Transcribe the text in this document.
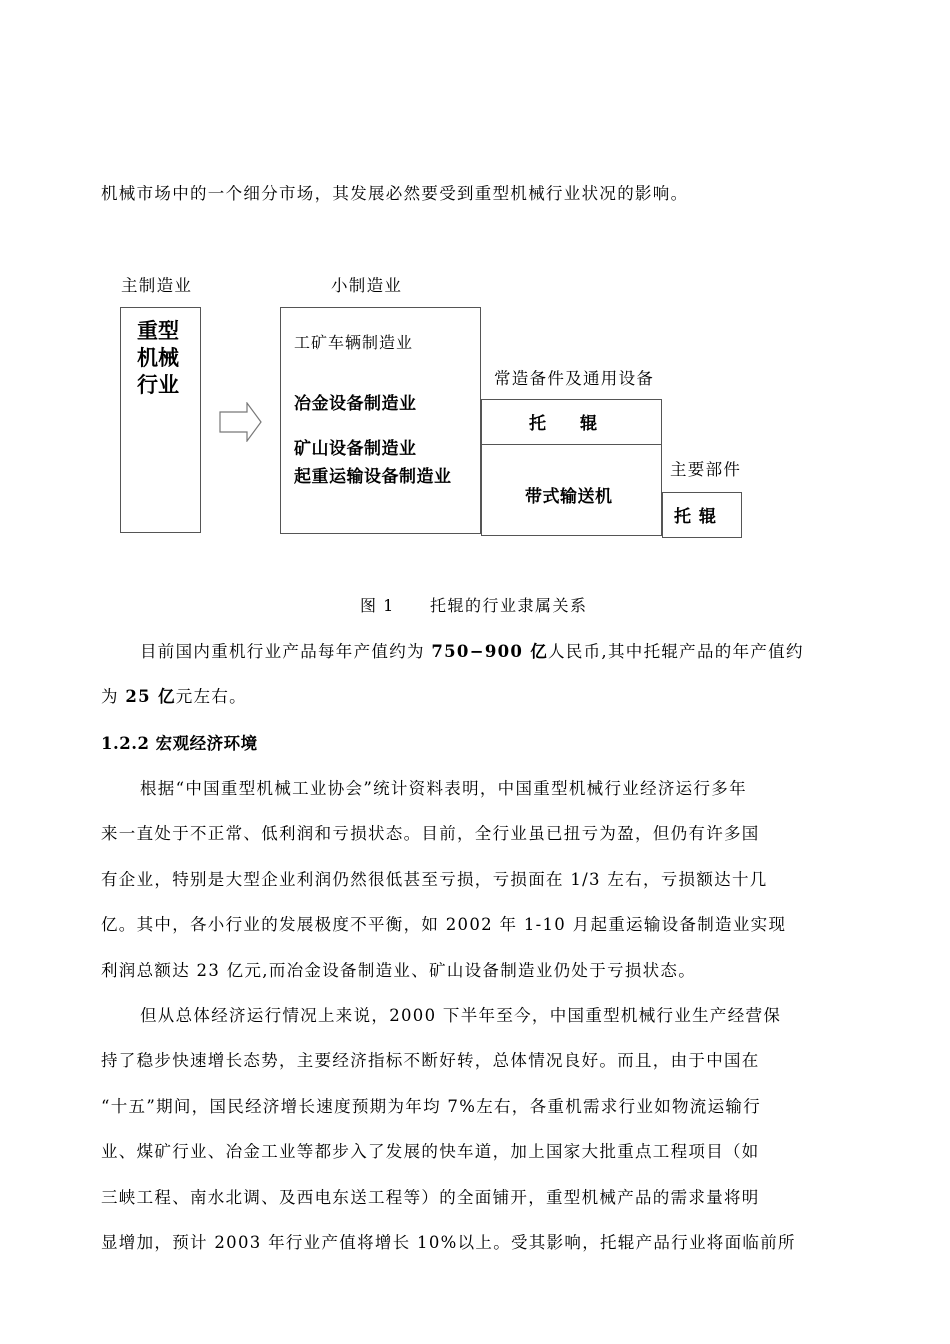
机械市场中的一个细分市场，其发展必然要受到重型机械行业状况的影响。
主制造业	小制造业
重型
机械
行业
工矿车辆制造业
冶金设备制造业
矿山设备制造业
起重运输设备制造业
常造备件及通用设备
托　　辊
带式输送机
主要部件
托 辊
图 1 托辊的行业隶属关系
目前国内重机行业产品每年产值约为 750−900 亿人民币,其中托辊产品的年产值约
为 25 亿元左右。
1.2.2 宏观经济环境
根据“中国重型机械工业协会”统计资料表明，中国重型机械行业经济运行多年
来一直处于不正常、低利润和亏损状态。目前，全行业虽已扭亏为盈，但仍有许多国
有企业，特别是大型企业利润仍然很低甚至亏损，亏损面在 1/3 左右，亏损额达十几
亿。其中，各小行业的发展极度不平衡，如 2002 年 1-10 月起重运输设备制造业实现
利润总额达 23 亿元,而冶金设备制造业、矿山设备制造业仍处于亏损状态。
但从总体经济运行情况上来说，2000 下半年至今，中国重型机械行业生产经营保
持了稳步快速增长态势，主要经济指标不断好转，总体情况良好。而且，由于中国在
“十五”期间，国民经济增长速度预期为年均 7%左右，各重机需求行业如物流运输行
业、煤矿行业、冶金工业等都步入了发展的快车道，加上国家大批重点工程项目（如
三峡工程、南水北调、及西电东送工程等）的全面铺开，重型机械产品的需求量将明
显增加，预计 2003 年行业产值将增长 10%以上。受其影响，托辊产品行业将面临前所
